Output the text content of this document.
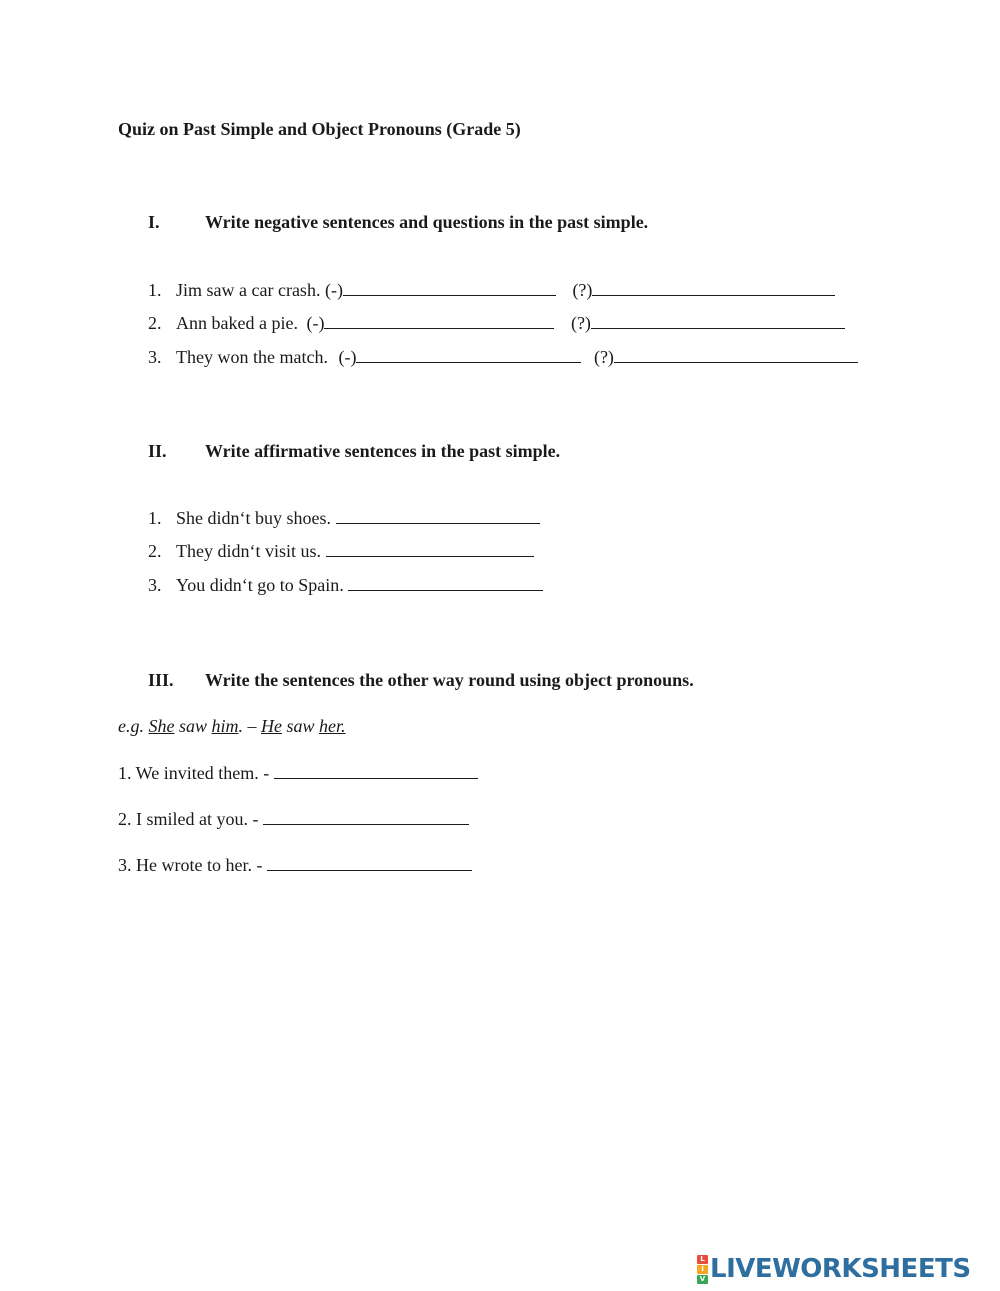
Quiz on Past Simple and Object Pronouns (Grade 5)
I.	Write negative sentences and questions in the past simple.
1. Jim saw a car crash. (-)	(?)
2. Ann baked a pie. (-)	(?)
3. They won the match. (-)	(?)
II. Write affirmative sentences in the past simple.
1. She didn‘t buy shoes.
2. They didn‘t visit us.
3. You didn‘t go to Spain.
III. Write the sentences the other way round using object pronouns.
e.g. She saw him. – He saw her.
1. We invited them. -
2. I smiled at you. -
3. He wrote to her. -
L
I
V LIVEWORKSHEETS
